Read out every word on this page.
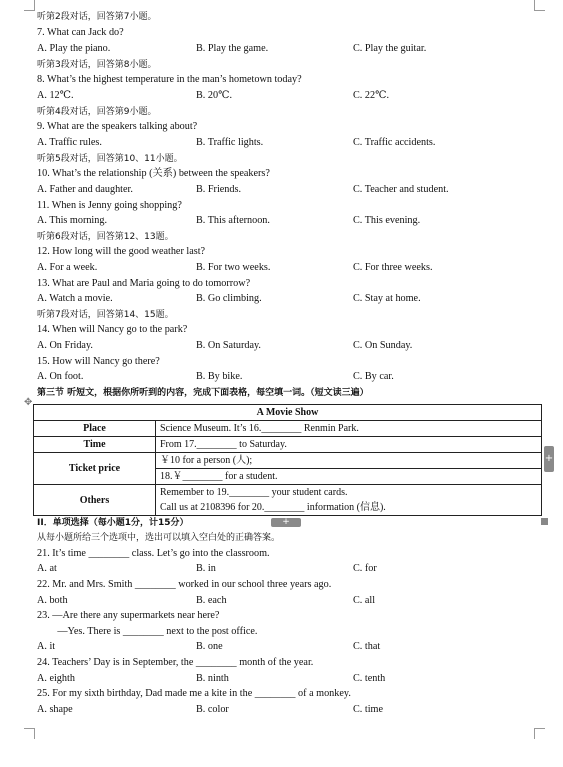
听第2段对话，回答第7小题。
7. What can Jack do?
A. Play the piano.	B. Play the game.	C. Play the guitar.
听第3段对话，回答第8小题。
8. What’s the highest temperature in the man’s hometown today?
A. 12℃.	B. 20℃.	C. 22℃.
听第4段对话，回答第9小题。
9. What are the speakers talking about?
A. Traffic rules.	B. Traffic lights.	C. Traffic accidents.
听第5段对话，回答第10、11小题。
10. What’s the relationship (关系) between the speakers?
A. Father and daughter.	B. Friends.	C. Teacher and student.
11. When is Jenny going shopping?
A. This morning.	B. This afternoon.	C. This evening.
听第6段对话，回答第12、13题。
12. How long will the good weather last?
A. For a week.	B. For two weeks.	C. For three weeks.
13. What are Paul and Maria going to do tomorrow?
A. Watch a movie.	B. Go climbing.	C. Stay at home.
听第7段对话，回答第14、15题。
14. When will Nancy go to the park?
A. On Friday.	B. On Saturday.	C. On Sunday.
15. How will Nancy go there?
A. On foot.	B. By bike.	C. By car.
✥
第三节 听短文，根据你所听到的内容，完成下面表格，每空填一词。（短文读三遍）
A Movie Show	
Place	Science Museum. It’s 16.________ Renmin Park.
Time	From 17.________ to Saturday.
Ticket price	￥10 for a person (人);
18.￥________ for a student.

Others	Remember to 19.________ your student cards.
Call us at 2108396 for 20.________ information (信息).
+
+
II．单项选择（每小题1分，计15分）
从每小题所给三个选项中，选出可以填入空白处的正确答案。
21. It’s time ________ class. Let’s go into the classroom.
A. at	B. in	C. for
22. Mr. and Mrs. Smith ________ worked in our school three years ago.
A. both	B. each	C. all
23. —Are there any supermarkets near here?
　　—Yes. There is ________ next to the post office.
A. it	B. one	C. that
24. Teachers’ Day is in September, the ________ month of the year.
A. eighth	B. ninth	C. tenth
25. For my sixth birthday, Dad made me a kite in the ________ of a monkey.
A. shape	B. color	C. time
